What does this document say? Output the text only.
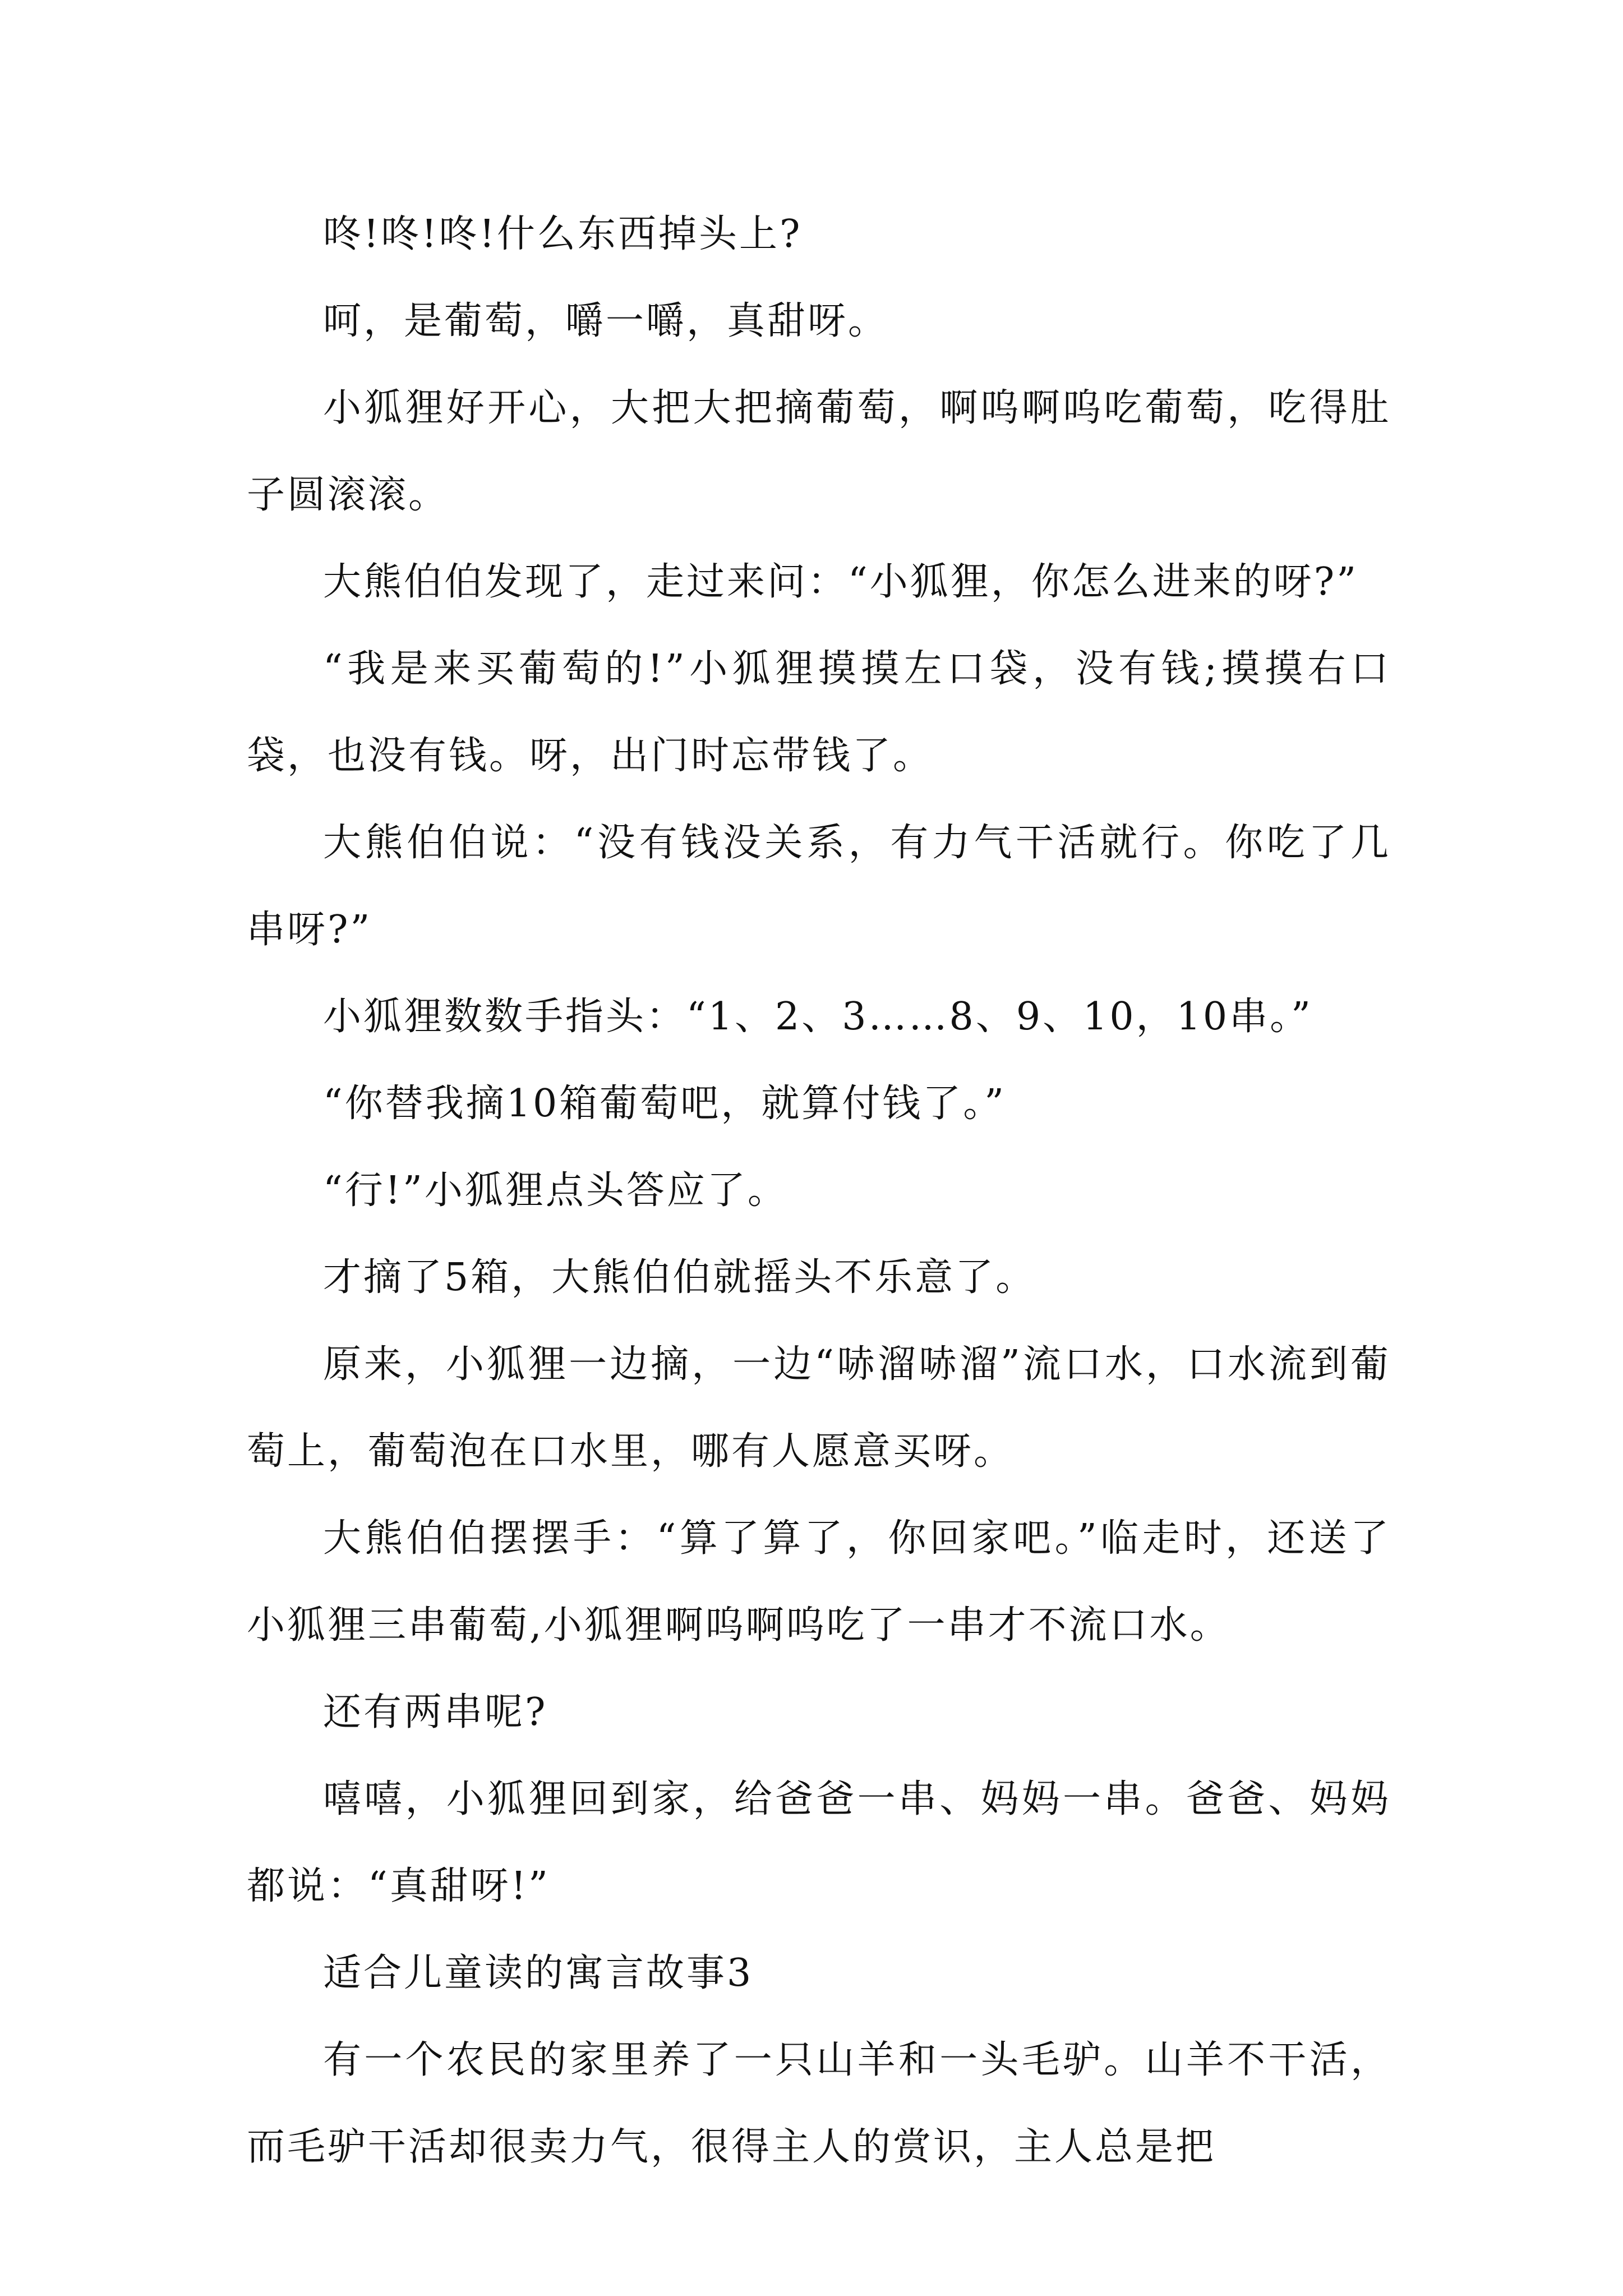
咚!咚!咚!什么东西掉头上?

呵，是葡萄，嚼一嚼，真甜呀。

小狐狸好开心，大把大把摘葡萄，啊呜啊呜吃葡萄，吃得肚子圆滚滚。

大熊伯伯发现了，走过来问：“小狐狸，你怎么进来的呀?”

“我是来买葡萄的!”小狐狸摸摸左口袋，没有钱;摸摸右口袋，也没有钱。呀，出门时忘带钱了。

大熊伯伯说：“没有钱没关系，有力气干活就行。你吃了几串呀?”

小狐狸数数手指头：“1、2、3……8、9、10，10串。”

“你替我摘10箱葡萄吧，就算付钱了。”

“行!”小狐狸点头答应了。

才摘了5箱，大熊伯伯就摇头不乐意了。

原来，小狐狸一边摘，一边“哧溜哧溜”流口水，口水流到葡萄上，葡萄泡在口水里，哪有人愿意买呀。

大熊伯伯摆摆手：“算了算了，你回家吧。”临走时，还送了小狐狸三串葡萄,小狐狸啊呜啊呜吃了一串才不流口水。

还有两串呢?

嘻嘻，小狐狸回到家，给爸爸一串、妈妈一串。爸爸、妈妈都说：“真甜呀!”

适合儿童读的寓言故事3

有一个农民的家里养了一只山羊和一头毛驴。山羊不干活，而毛驴干活却很卖力气，很得主人的赏识，主人总是把
